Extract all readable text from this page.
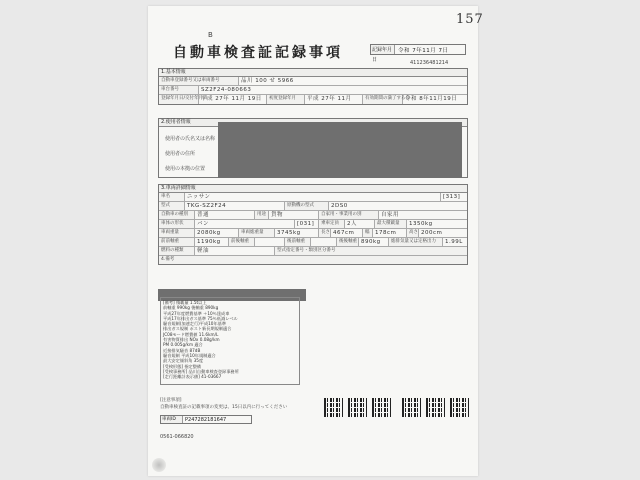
B
自動車検査証記録事項	記録年月日
令和 7年11月 7日
411236481214
1.基本情報
自動車登録番号又は車両番号	品川 100 せ 5966
車台番号	SZ2F24-080663
登録年月日/交付年月日
平成 27年 11月 19日	初度登録年月	平成 27年 11月	有効期間の満了する日
令和 8年11月19日
2.使用者情報
使用者の氏名又は名称
使用者の住所
使用の本拠の位置
3.車両詳細情報
車名	ニッサン	[313]
型式	TKG-SZ2F24	原動機の型式	2DS0
自動車の種別	普通	用途 貨物	自家用・事業用の別	自家用
車体の形状	バン	[031]	乗車定員	2人	最大積載量	1350kg
車両重量	2080kg	車両総重量	3745kg	長さ 467cm	幅	178cm	高さ 200cm
前前軸重	1190kg	前後軸重	後前軸重	後後軸重 890kg	総排気量又は定格出力	1.99L
燃料の種類	軽油	型式指定番号・類別区分番号
4.備考
[備考] 積載量 1.5t以上
前軸重 990kg 後軸重 890kg
平成27年度燃費基準 ＋10％達成車
平成17年排出ガス基準 75％低減レベル
騒音規制(加速走行)平成10年基準
排出ガス規制 ポスト新長期規制適合
JC08モード燃費値 11.6km/L
有害物質排出 NOx 0.08g/km
PM 0.005g/km 適合
近接排気騒音 87dB
騒音規制 平成10年規制適合
最大安定傾斜角 35度
[受検形態] 指定整備
[受検事務所] 品川自動車検査登録事務所
[走行距離計表示値] 41-03667
[注意事項]
自動車検査証の記載事項の変更は、15日以内に行ってください
車両ID	P247282181647
0561-066820
157
